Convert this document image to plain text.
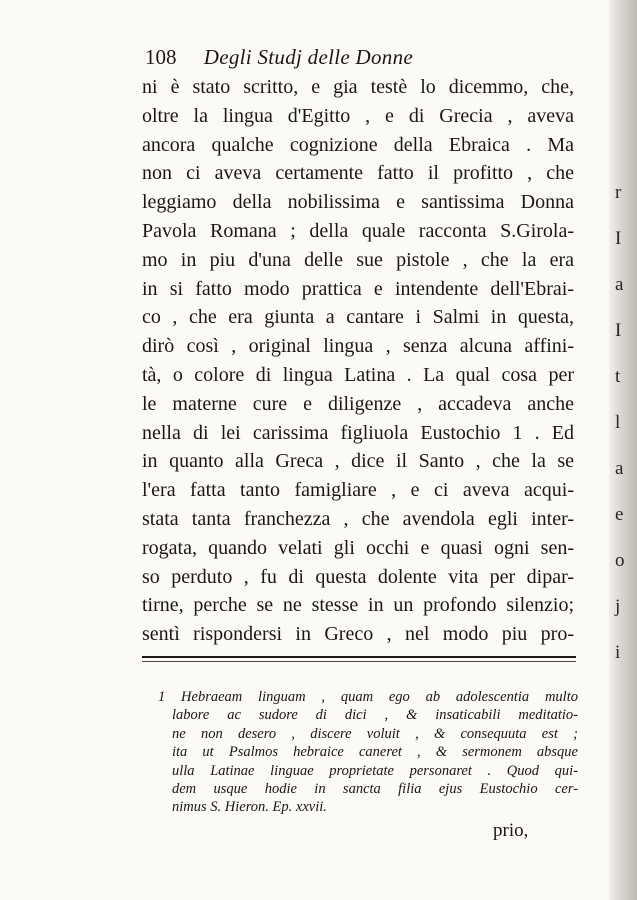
r
I
a
I
t
l
a
e
o
j
i
108 Degli Studj delle Donne
ni è stato scritto, e gia testè lo dicemmo, che,
oltre la lingua d'Egitto , e di Grecia , aveva
ancora qualche cognizione della Ebraica . Ma
non ci aveva certamente fatto il profitto , che
leggiamo della nobilissima e santissima Donna
Pavola Romana ; della quale racconta S.Girola-
mo in piu d'una delle sue pistole , che la era
in si fatto modo prattica e intendente dell'Ebrai-
co , che era giunta a cantare i Salmi in questa,
dirò così , original lingua , senza alcuna affini-
tà, o colore di lingua Latina . La qual cosa per
le materne cure e diligenze , accadeva anche
nella di lei carissima figliuola Eustochio 1 . Ed
in quanto alla Greca , dice il Santo , che la se
l'era fatta tanto famigliare , e ci aveva acqui-
stata tanta franchezza , che avendola egli inter-
rogata, quando velati gli occhi e quasi ogni sen-
so perduto , fu di questa dolente vita per dipar-
tirne, perche se ne stesse in un profondo silenzio;
sentì rispondersi in Greco , nel modo piu pro-
1 Hebraeam linguam , quam ego ab adolescentia multo
labore ac sudore di dici , & insaticabili meditatio-
ne non desero , discere voluit , & consequuta est ;
ita ut Psalmos hebraice caneret , & sermonem absque
ulla Latinae linguae proprietate personaret . Quod qui-
dem usque hodie in sancta filia ejus Eustochio cer-
nimus S. Hieron. Ep. xxvii.
prio,
